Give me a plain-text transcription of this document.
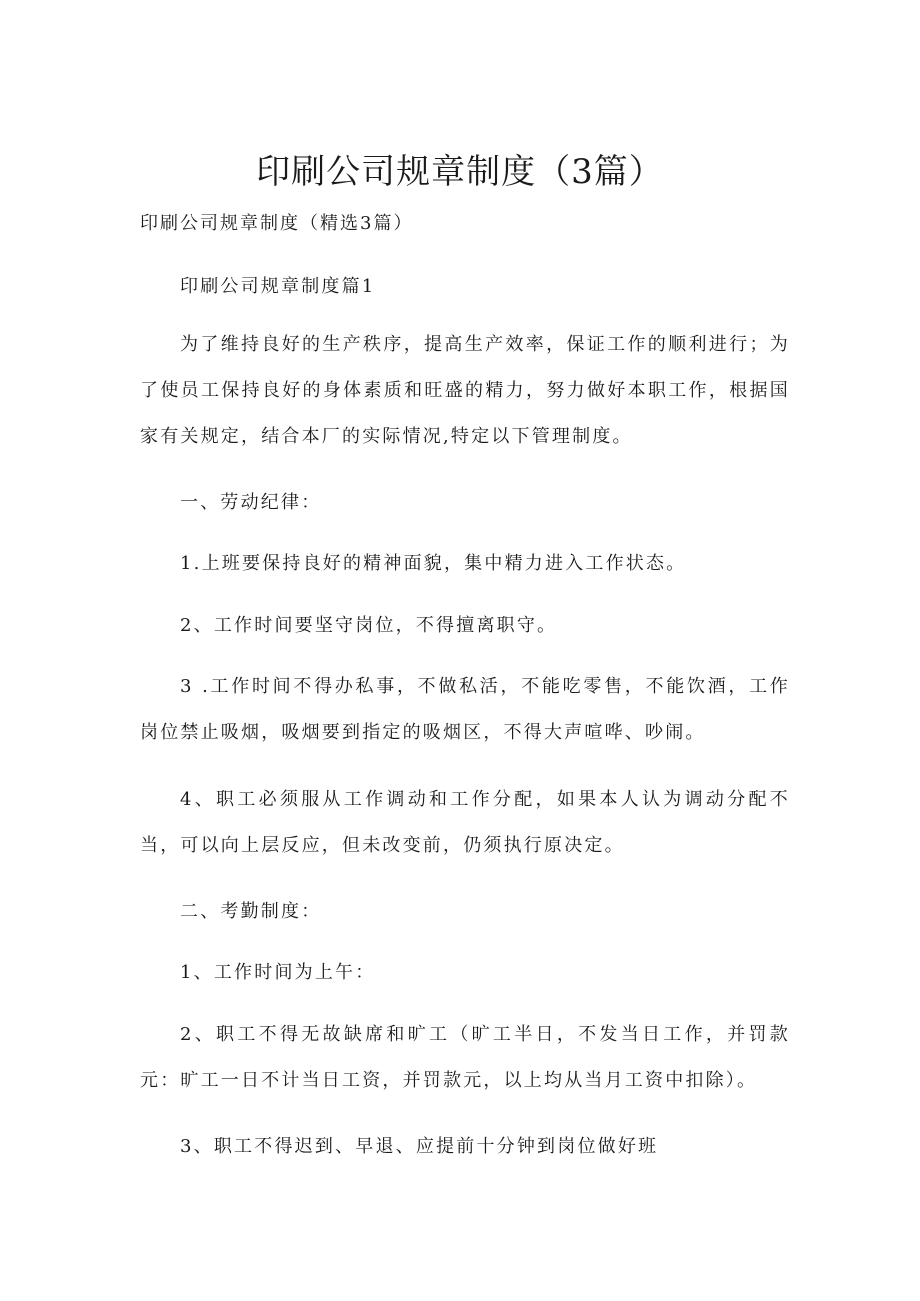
印刷公司规章制度（3篇）

印刷公司规章制度（精选3篇）

印刷公司规章制度篇1

为了维持良好的生产秩序，提高生产效率，保证工作的顺利进行；为了使员工保持良好的身体素质和旺盛的精力，努力做好本职工作，根据国家有关规定，结合本厂的实际情况,特定以下管理制度。

一、劳动纪律：

1.上班要保持良好的精神面貌，集中精力进入工作状态。

2、工作时间要坚守岗位，不得擅离职守。

3 .工作时间不得办私事，不做私活，不能吃零售，不能饮酒，工作岗位禁止吸烟，吸烟要到指定的吸烟区，不得大声喧哗、吵闹。

4、职工必须服从工作调动和工作分配，如果本人认为调动分配不当，可以向上层反应，但未改变前，仍须执行原决定。

二、考勤制度：

1、工作时间为上午：

2、职工不得无故缺席和旷工（旷工半日，不发当日工作，并罚款元：旷工一日不计当日工资，并罚款元，以上均从当月工资中扣除）。

3、职工不得迟到、早退、应提前十分钟到岗位做好班
